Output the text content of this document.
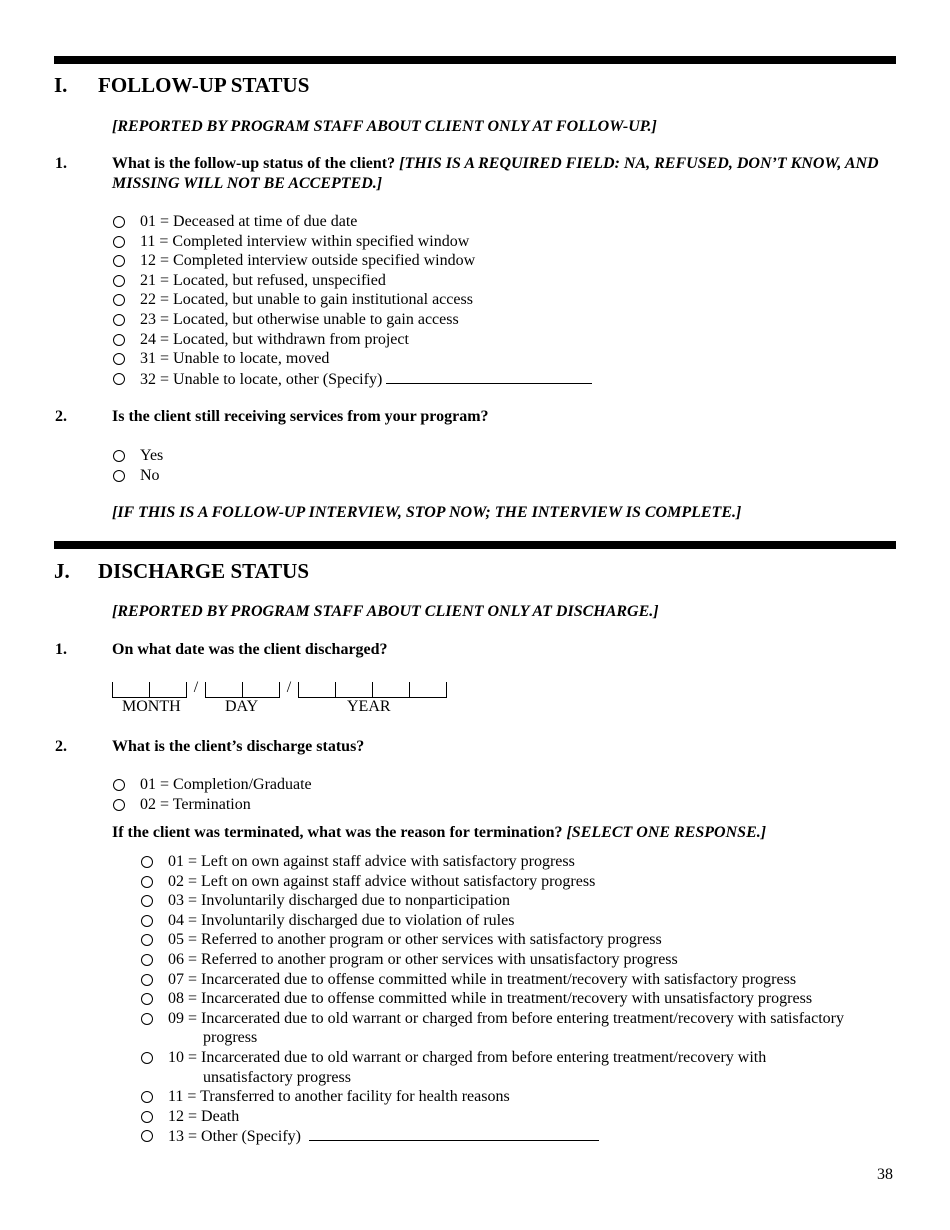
I. FOLLOW-UP STATUS
[REPORTED BY PROGRAM STAFF ABOUT CLIENT ONLY AT FOLLOW-UP.]
1.	What is the follow-up status of the client? [THIS IS A REQUIRED FIELD: NA, REFUSED, DON’T KNOW, AND MISSING WILL NOT BE ACCEPTED.]
01 = Deceased at time of due date
11 = Completed interview within specified window
12 = Completed interview outside specified window
21 = Located, but refused, unspecified
22 = Located, but unable to gain institutional access
23 = Located, but otherwise unable to gain access
24 = Located, but withdrawn from project
31 = Unable to locate, moved
32 = Unable to locate, other (Specify)
2.	Is the client still receiving services from your program?
Yes
No
[IF THIS IS A FOLLOW-UP INTERVIEW, STOP NOW; THE INTERVIEW IS COMPLETE.]
J. DISCHARGE STATUS
[REPORTED BY PROGRAM STAFF ABOUT CLIENT ONLY AT DISCHARGE.]
1.	On what date was the client discharged?
/	/
MONTH	DAY	YEAR
2.	What is the client’s discharge status?
01 = Completion/Graduate
02 = Termination
If the client was terminated, what was the reason for termination? [SELECT ONE RESPONSE.]
01 = Left on own against staff advice with satisfactory progress
02 = Left on own against staff advice without satisfactory progress
03 = Involuntarily discharged due to nonparticipation
04 = Involuntarily discharged due to violation of rules
05 = Referred to another program or other services with satisfactory progress
06 = Referred to another program or other services with unsatisfactory progress
07 = Incarcerated due to offense committed while in treatment/recovery with satisfactory progress
08 = Incarcerated due to offense committed while in treatment/recovery with unsatisfactory progress
09 = Incarcerated due to old warrant or charged from before entering treatment/recovery with satisfactory
progress
10 = Incarcerated due to old warrant or charged from before entering treatment/recovery with
unsatisfactory progress
11 = Transferred to another facility for health reasons
12 = Death
13 = Other (Specify)
38
